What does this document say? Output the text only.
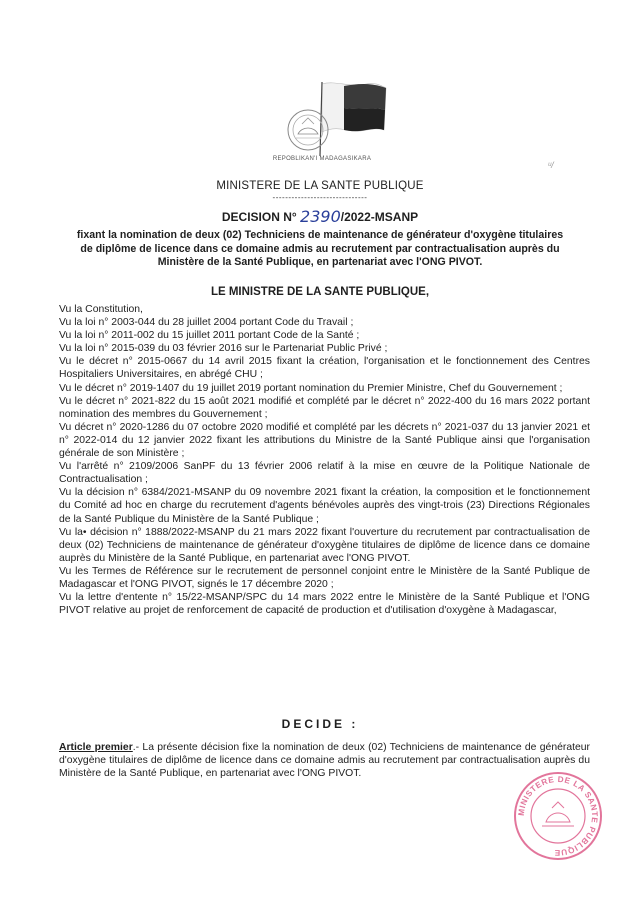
REPOBLIKAN'I MADAGASIKARA
ᵘ/
MINISTERE DE LA SANTE PUBLIQUE
------------------------------
DECISION N° 2390/2022-MSANP
fixant la nomination de deux (02) Techniciens de maintenance de générateur d'oxygène titulaires de diplôme de licence dans ce domaine admis au recrutement par contractualisation auprès du Ministère de la Santé Publique, en partenariat avec l'ONG PIVOT.
LE MINISTRE DE LA SANTE PUBLIQUE,

Vu la Constitution,

Vu la loi n° 2003-044 du 28 juillet 2004 portant Code du Travail ;

Vu la loi n° 2011-002 du 15 juillet 2011 portant Code de la Santé ;

Vu la loi n° 2015-039 du 03 février 2016 sur le Partenariat Public Privé ;

Vu le décret n° 2015-0667 du 14 avril 2015 fixant la création, l'organisation et le fonctionnement des Centres Hospitaliers Universitaires, en abrégé CHU ;

Vu le décret n° 2019-1407 du 19 juillet 2019 portant nomination du Premier Ministre, Chef du Gouvernement ;

Vu le décret n° 2021-822 du 15 août 2021 modifié et complété par le décret n° 2022-400 du 16 mars 2022 portant nomination des membres du Gouvernement ;

Vu décret n° 2020-1286 du 07 octobre 2020 modifié et complété par les décrets n° 2021-037 du 13 janvier 2021 et n° 2022-014 du 12 janvier 2022 fixant les attributions du Ministre de la Santé Publique ainsi que l'organisation générale de son Ministère ;

Vu l'arrêté n° 2109/2006 SanPF du 13 février 2006 relatif à la mise en œuvre de la Politique Nationale de Contractualisation ;

Vu la décision n° 6384/2021-MSANP du 09 novembre 2021 fixant la création, la composition et le fonctionnement du Comité ad hoc en charge du recrutement d'agents bénévoles auprès des vingt-trois (23) Directions Régionales de la Santé Publique du Ministère de la Santé Publique ;

Vu la• décision n° 1888/2022-MSANP du 21 mars 2022 fixant l'ouverture du recrutement par contractualisation de deux (02) Techniciens de maintenance de générateur d'oxygène titulaires de diplôme de licence dans ce domaine auprès du Ministère de la Santé Publique, en partenariat avec l'ONG PIVOT.

Vu les Termes de Référence sur le recrutement de personnel conjoint entre le Ministère de la Santé Publique de Madagascar et l'ONG PIVOT, signés le 17 décembre 2020 ;

Vu la lettre d'entente n° 15/22-MSANP/SPC du 14 mars 2022 entre le Ministère de la Santé Publique et l'ONG PIVOT relative au projet de renforcement de capacité de production et d'utilisation d'oxygène à Madagascar,

DECIDE :
Article premier.- La présente décision fixe la nomination de deux (02) Techniciens de maintenance de générateur d'oxygène titulaires de diplôme de licence dans ce domaine admis au recrutement par contractualisation auprès du Ministère de la Santé Publique, en partenariat avec l'ONG PIVOT.
MINISTERE DE LA SANTE PUBLIQUE
